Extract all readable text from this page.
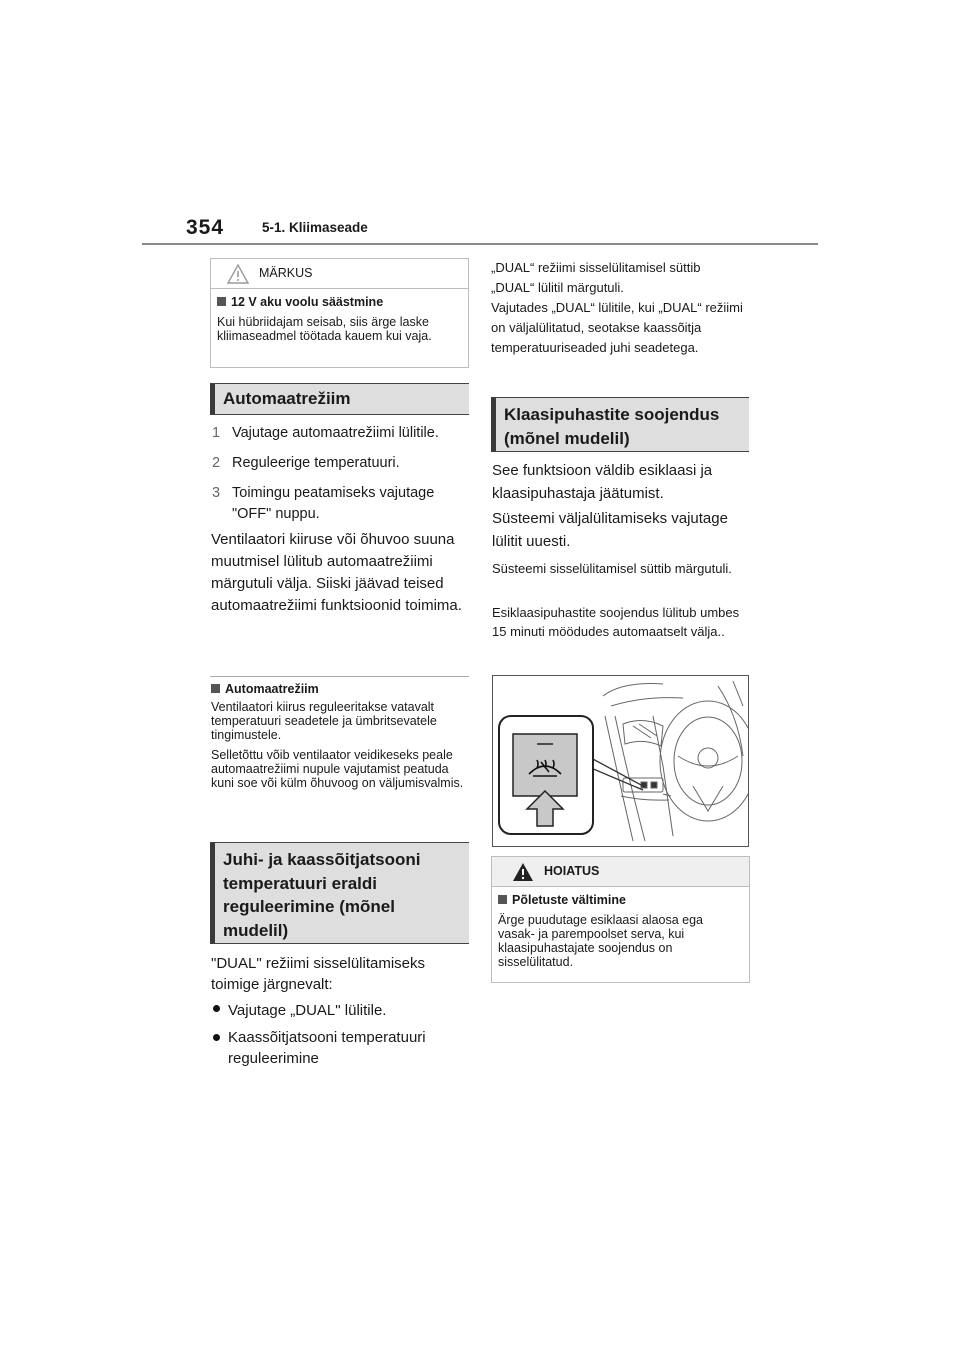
354	5-1. Kliimaseade
MÄRKUS
12 V aku voolu säästmine
Kui hübriidajam seisab, siis ärge laske kliimaseadmel töötada kauem kui vaja.
Automaatrežiim
1 Vajutage automaatrežiimi lülitile.
2 Reguleerige temperatuuri.
3 Toimingu peatamiseks vajutage "OFF" nuppu.
Ventilaatori kiiruse või õhuvoo suuna muutmisel lülitub automaatrežiimi märgutuli välja. Siiski jäävad teised automaatrežiimi funktsioonid toimima.
Automaatrežiim
Ventilaatori kiirus reguleeritakse vatavalt temperatuuri seadetele ja ümbritsevatele tingimustele.
Selletõttu võib ventilaator veidikeseks peale automaatrežiimi nupule vajutamist peatuda kuni soe või külm õhuvoog on väljumisvalmis.
Juhi- ja kaassõitjatsooni temperatuuri eraldi reguleerimine (mõnel mudelil)
"DUAL" režiimi sisselülitamiseks toimige järgnevalt:
Vajutage „DUAL" lülitile.
Kaassõitjatsooni temperatuuri reguleerimine
„DUAL“ režiimi sisselülitamisel süttib „DUAL“ lülitil märgutuli.
Vajutades „DUAL“ lülitile, kui „DUAL“ režiimi on väljalülitatud, seotakse kaassõitja temperatuuriseaded juhi seadetega.
Klaasipuhastite soojendus (mõnel mudelil)
See funktsioon väldib esiklaasi ja klaasipuhastaja jäätumist.
Süsteemi väljalülitamiseks vajutage lülitit uuesti.
Süsteemi sisselülitamisel süttib märgutuli.
Esiklaasipuhastite soojendus lülitub umbes 15 minuti möödudes automaatselt välja..
HOIATUS
Põletuste vältimine
Ärge puudutage esiklaasi alaosa ega vasak- ja parempoolset serva, kui klaasipuhastajate soojendus on sisselülitatud.
